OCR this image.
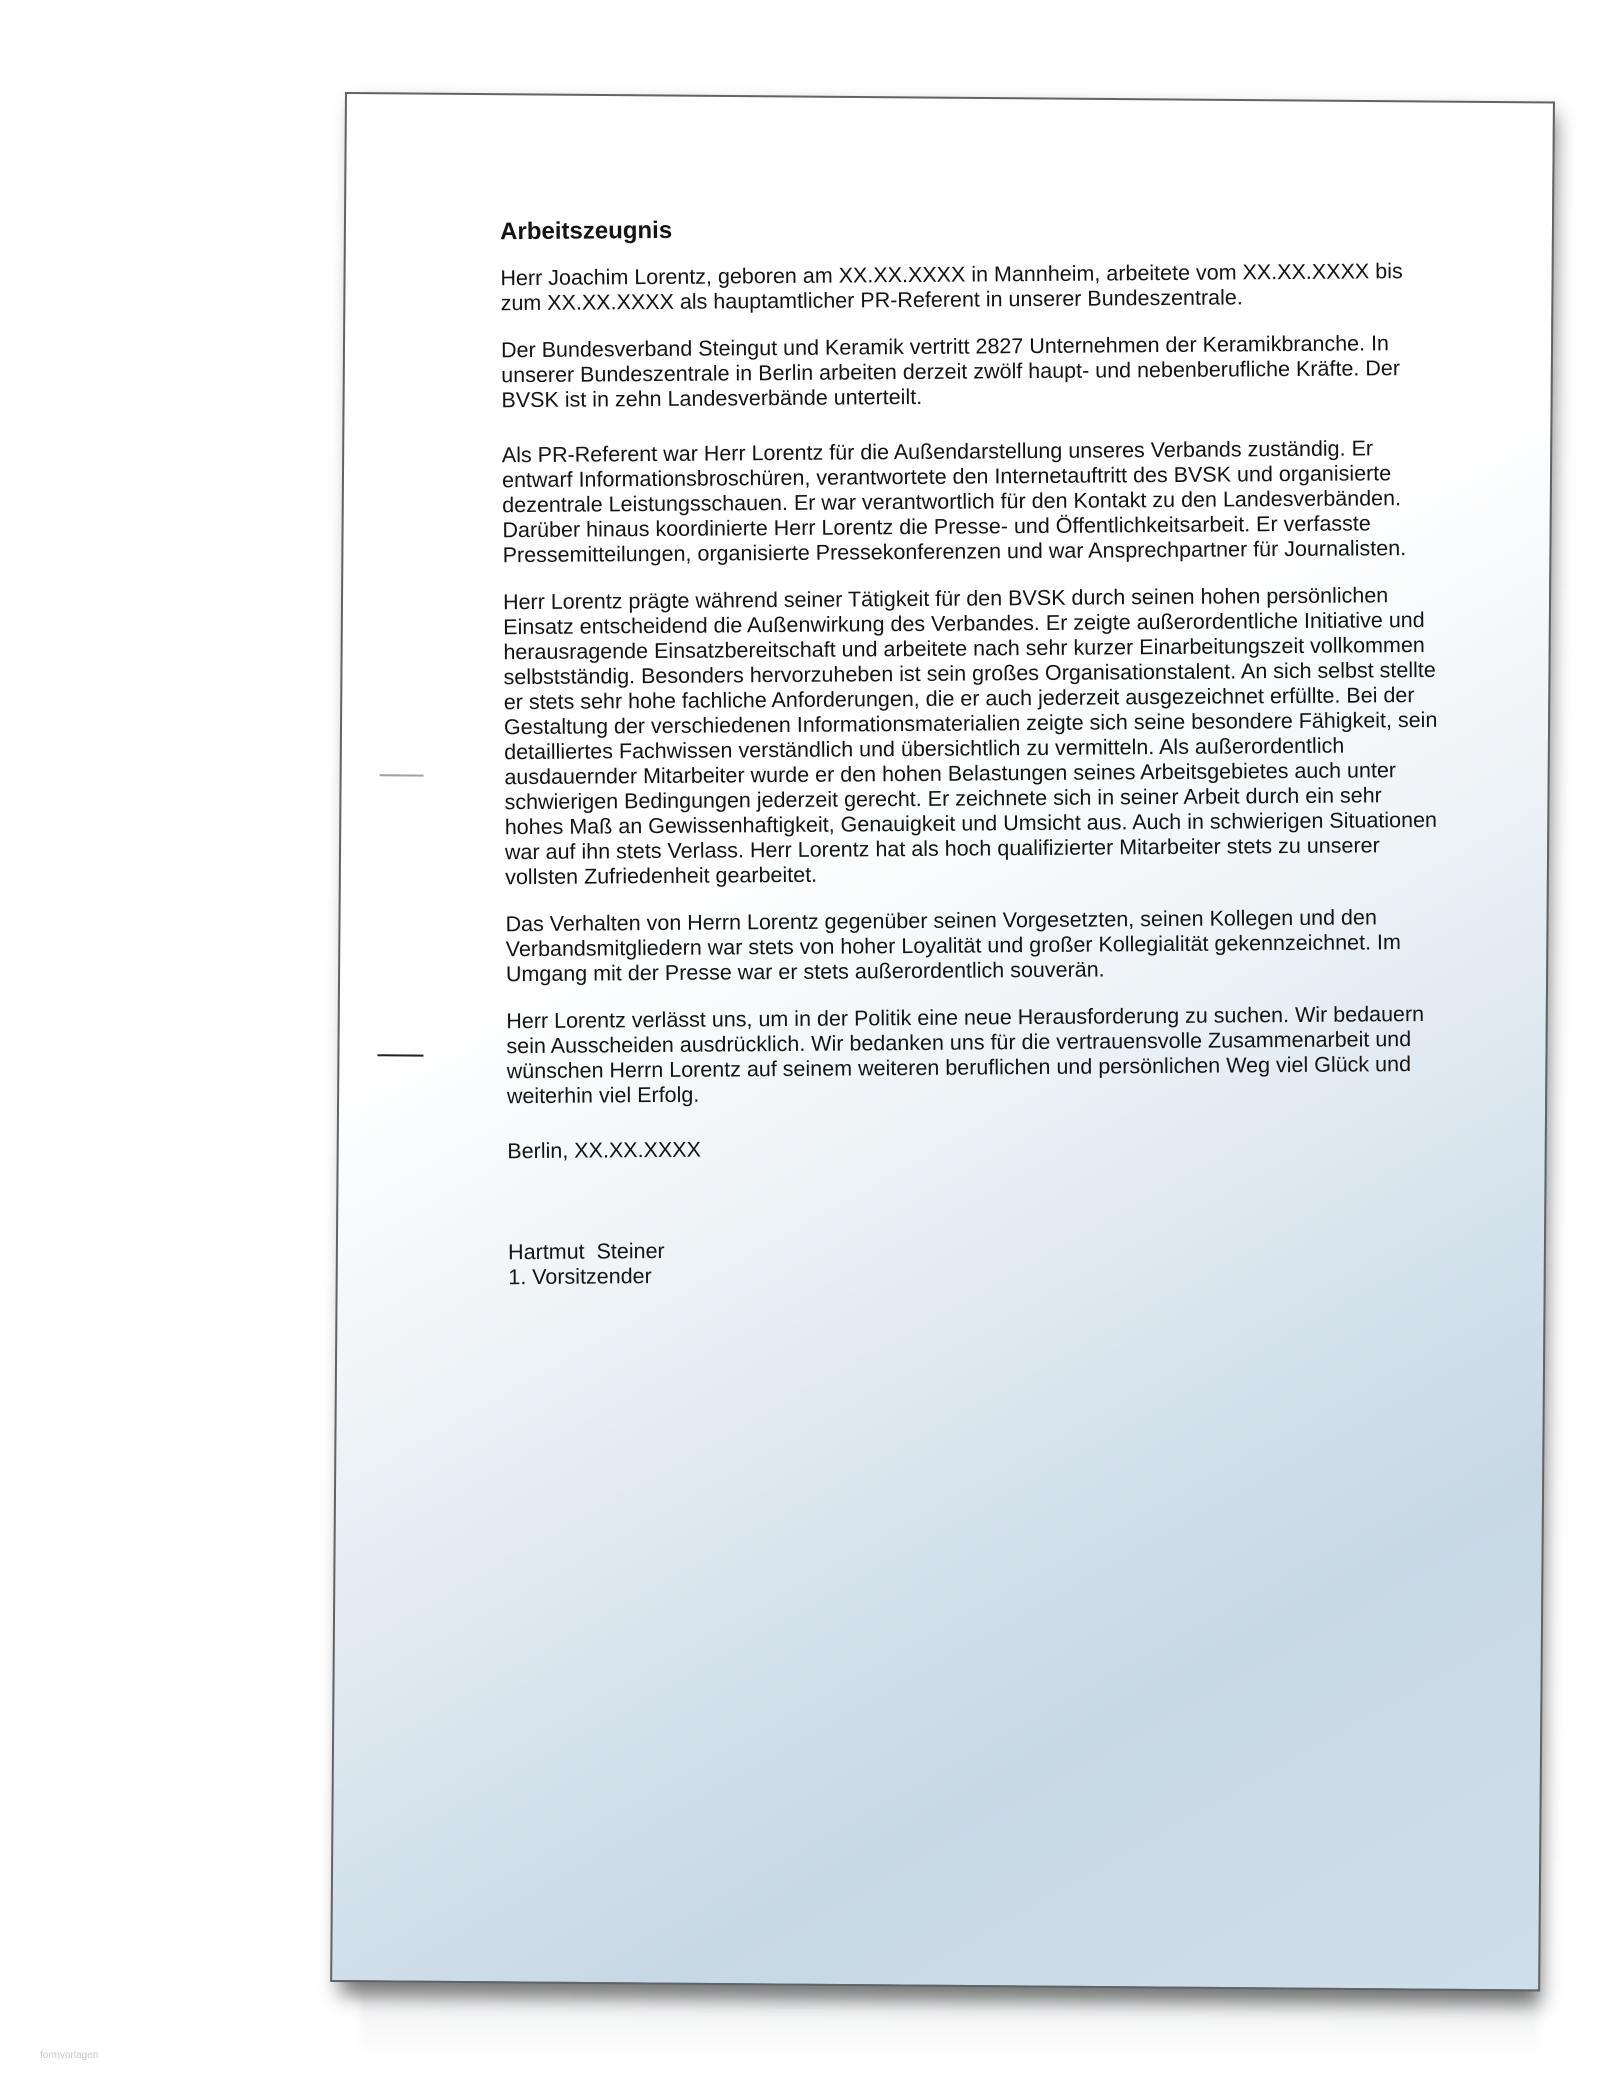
Arbeitszeugnis
Herr Joachim Lorentz, geboren am XX.XX.XXXX in Mannheim, arbeitete vom XX.XX.XXXX bis zum XX.XX.XXXX als hauptamtlicher PR-Referent in unserer Bundeszentrale.
Der Bundesverband Steingut und Keramik vertritt 2827 Unternehmen der Keramikbranche. In unserer Bundeszentrale in Berlin arbeiten derzeit zwölf haupt- und nebenberufliche Kräfte. Der BVSK ist in zehn Landesverbände unterteilt.
Als PR-Referent war Herr Lorentz für die Außendarstellung unseres Verbands zuständig. Er entwarf Informationsbroschüren, verantwortete den Internetauftritt des BVSK und organisierte dezentrale Leistungsschauen. Er war verantwortlich für den Kontakt zu den Landesverbänden. Darüber hinaus koordinierte Herr Lorentz die Presse- und Öffentlichkeitsarbeit. Er verfasste Pressemitteilungen, organisierte Pressekonferenzen und war Ansprechpartner für Journalisten.
Herr Lorentz prägte während seiner Tätigkeit für den BVSK durch seinen hohen persönlichen Einsatz entscheidend die Außenwirkung des Verbandes. Er zeigte außerordentliche Initiative und herausragende Einsatzbereitschaft und arbeitete nach sehr kurzer Einarbeitungszeit vollkommen selbstständig. Besonders hervorzuheben ist sein großes Organisationstalent. An sich selbst stellte er stets sehr hohe fachliche Anforderungen, die er auch jederzeit ausgezeichnet erfüllte. Bei der Gestaltung der verschiedenen Informationsmaterialien zeigte sich seine besondere Fähigkeit, sein detailliertes Fachwissen verständlich und übersichtlich zu vermitteln. Als außerordentlich ausdauernder Mitarbeiter wurde er den hohen Belastungen seines Arbeitsgebietes auch unter schwierigen Bedingungen jederzeit gerecht. Er zeichnete sich in seiner Arbeit durch ein sehr hohes Maß an Gewissenhaftigkeit, Genauigkeit und Umsicht aus. Auch in schwierigen Situationen war auf ihn stets Verlass. Herr Lorentz hat als hoch qualifizierter Mitarbeiter stets zu unserer vollsten Zufriedenheit gearbeitet.
Das Verhalten von Herrn Lorentz gegenüber seinen Vorgesetzten, seinen Kollegen und den Verbandsmitgliedern war stets von hoher Loyalität und großer Kollegialität gekennzeichnet. Im Umgang mit der Presse war er stets außerordentlich souverän.
Herr Lorentz verlässt uns, um in der Politik eine neue Herausforderung zu suchen. Wir bedauern sein Ausscheiden ausdrücklich. Wir bedanken uns für die vertrauensvolle Zusammenarbeit und wünschen Herrn Lorentz auf seinem weiteren beruflichen und persönlichen Weg viel Glück und weiterhin viel Erfolg.
Berlin, XX.XX.XXXX
Hartmut  Steiner
1. Vorsitzender
formvorlagen
